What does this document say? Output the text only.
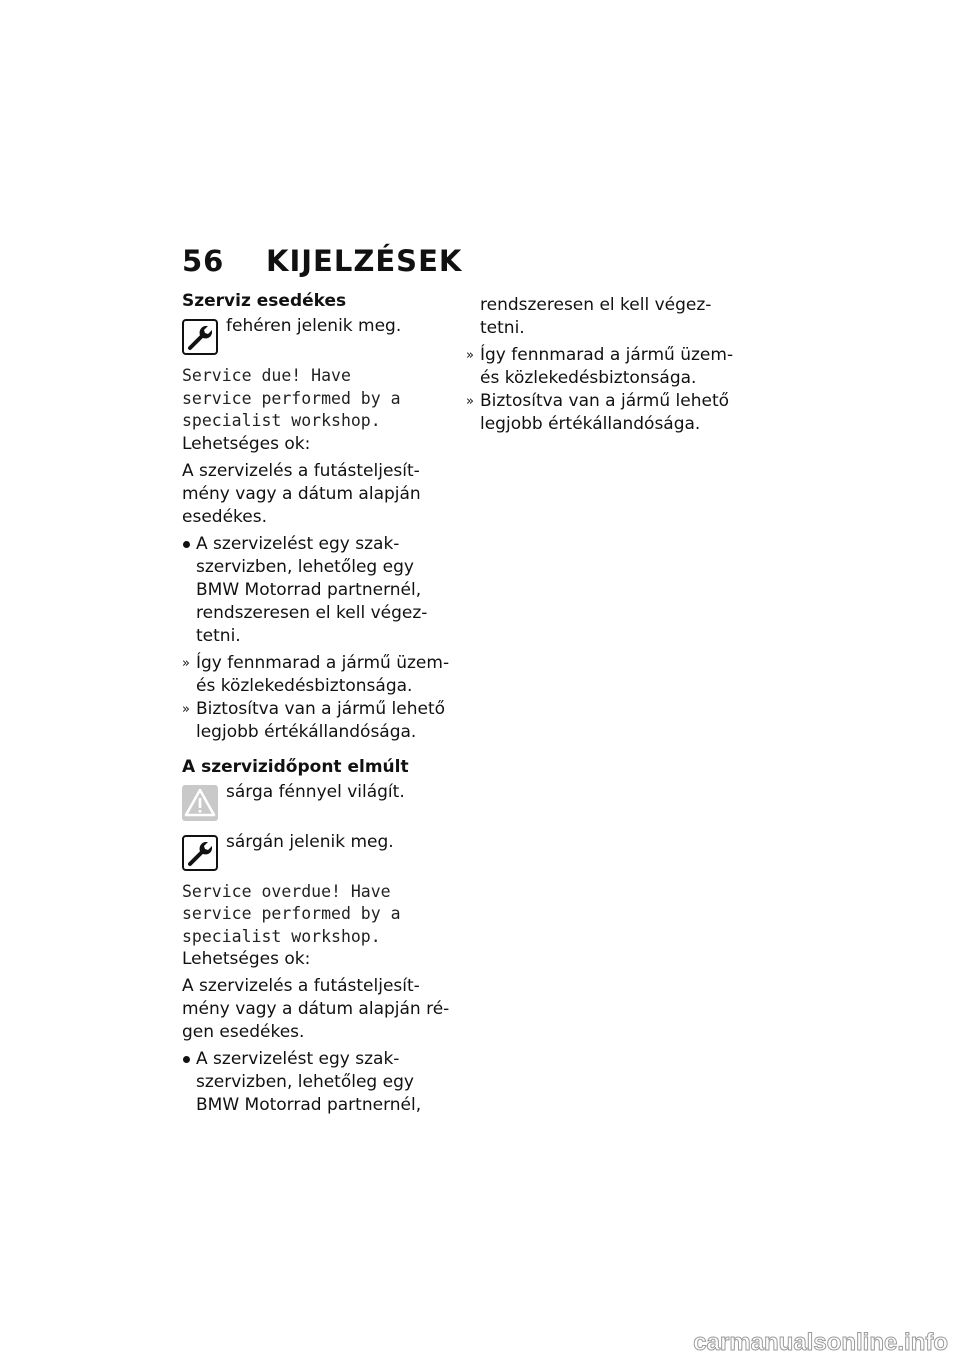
56 KIJELZÉSEK

Szerviz esedékes

fehéren jelenik meg.

Service due! Have

service performed by a

specialist workshop.

Lehetséges ok:

A szervizelés a futásteljesít-

mény vagy a dátum alapján

esedékes.

A szervizelést egy szak-
szervizben, lehetőleg egy
BMW Motorrad partnernél,
rendszeresen el kell végez-
tetni.
» Így fennmarad a jármű üzem-
és közlekedésbiztonsága.
» Biztosítva van a jármű lehető
legjobb értékállandósága.

A szervizidőpont elmúlt

sárga fénnyel világít.
sárgán jelenik meg.

Service overdue! Have

service performed by a

specialist workshop.

Lehetséges ok:

A szervizelés a futásteljesít-

mény vagy a dátum alapján ré-

gen esedékes.

A szervizelést egy szak-
szervizben, lehetőleg egy
BMW Motorrad partnernél,
rendszeresen el kell végez-
tetni.
» Így fennmarad a jármű üzem-
és közlekedésbiztonsága.
» Biztosítva van a jármű lehető
legjobb értékállandósága.
carmanualsonline.info
